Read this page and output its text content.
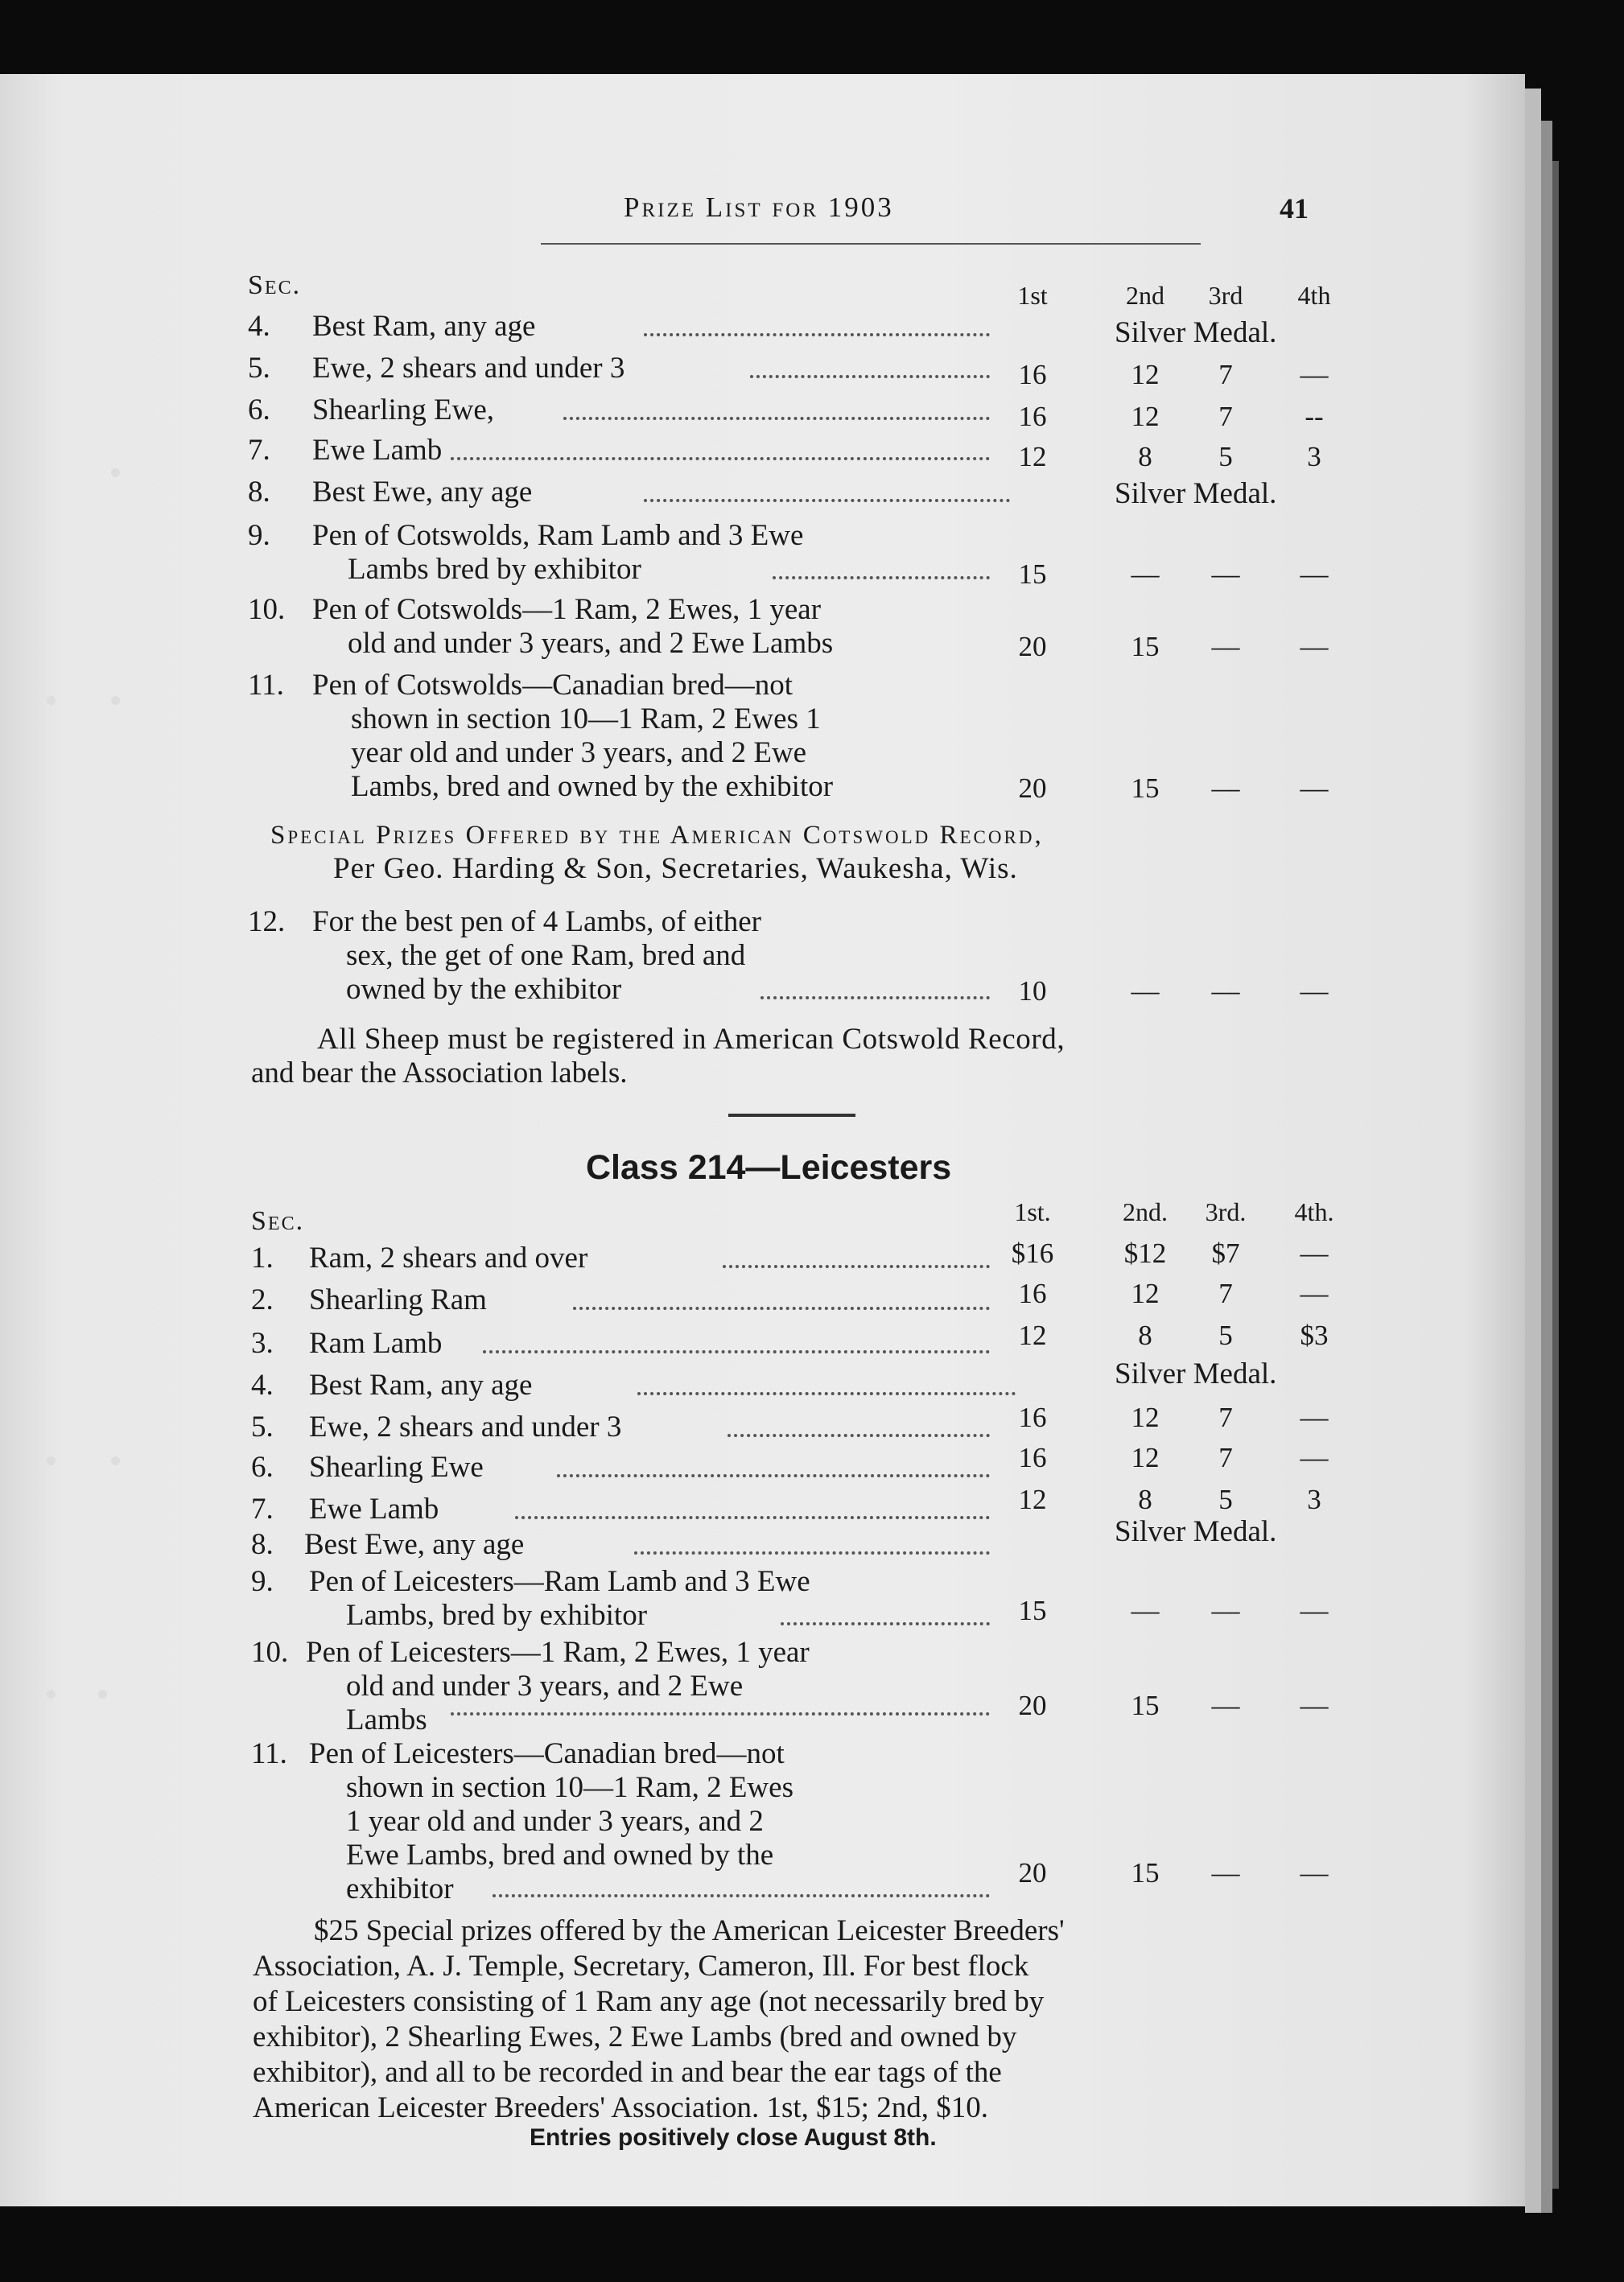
Prize List for 1903	41
Sec.	1st	2nd	3rd	4th
4. Best Ram, any age	Silver Medal.
5. Ewe, 2 shears and under 3	16	12	7	—
6. Shearling Ewe,	16	12	7	--
7. Ewe Lamb	12	8	5	3
8. Best Ewe, any age	Silver Medal.
9. Pen of Cotswolds, Ram Lamb and 3 Ewe
Lambs bred by exhibitor	15	—	—	—
10. Pen of Cotswolds—1 Ram, 2 Ewes, 1 year
old and under 3 years, and 2 Ewe Lambs	20	15	—	—
11. Pen of Cotswolds—Canadian bred—not
shown in section 10—1 Ram, 2 Ewes 1
year old and under 3 years, and 2 Ewe
Lambs, bred and owned by the exhibitor	20	15	—	—
Special Prizes Offered by the American Cotswold Record,
Per Geo. Harding & Son, Secretaries, Waukesha, Wis.
12. For the best pen of 4 Lambs, of either
sex, the get of one Ram, bred and
owned by the exhibitor	10	—	—	—
All Sheep must be registered in American Cotswold Record,
and bear the Association labels.
Class 214—Leicesters
Sec.	1st.	2nd.	3rd.	4th.
1. Ram, 2 shears and over	$16	$12	$7	—
2. Shearling Ram	16	12	7	—
3. Ram Lamb	12	8	5	$3
4. Best Ram, any age	Silver Medal.
5. Ewe, 2 shears and under 3	16	12	7	—
6. Shearling Ewe	16	12	7	—
7. Ewe Lamb	12	8	5	3
8. Best Ewe, any age	Silver Medal.
9. Pen of Leicesters—Ram Lamb and 3 Ewe
Lambs, bred by exhibitor	15	—	—	—
10. Pen of Leicesters—1 Ram, 2 Ewes, 1 year
old and under 3 years, and 2 Ewe
Lambs	20	15	—	—
11. Pen of Leicesters—Canadian bred—not
shown in section 10—1 Ram, 2 Ewes
1 year old and under 3 years, and 2
Ewe Lambs, bred and owned by the
exhibitor	20	15	—	—
$25 Special prizes offered by the American Leicester Breeders'
Association, A. J. Temple, Secretary, Cameron, Ill. For best flock
of Leicesters consisting of 1 Ram any age (not necessarily bred by
exhibitor), 2 Shearling Ewes, 2 Ewe Lambs (bred and owned by
exhibitor), and all to be recorded in and bear the ear tags of the
American Leicester Breeders' Association. 1st, $15; 2nd, $10.
Entries positively close August 8th.
